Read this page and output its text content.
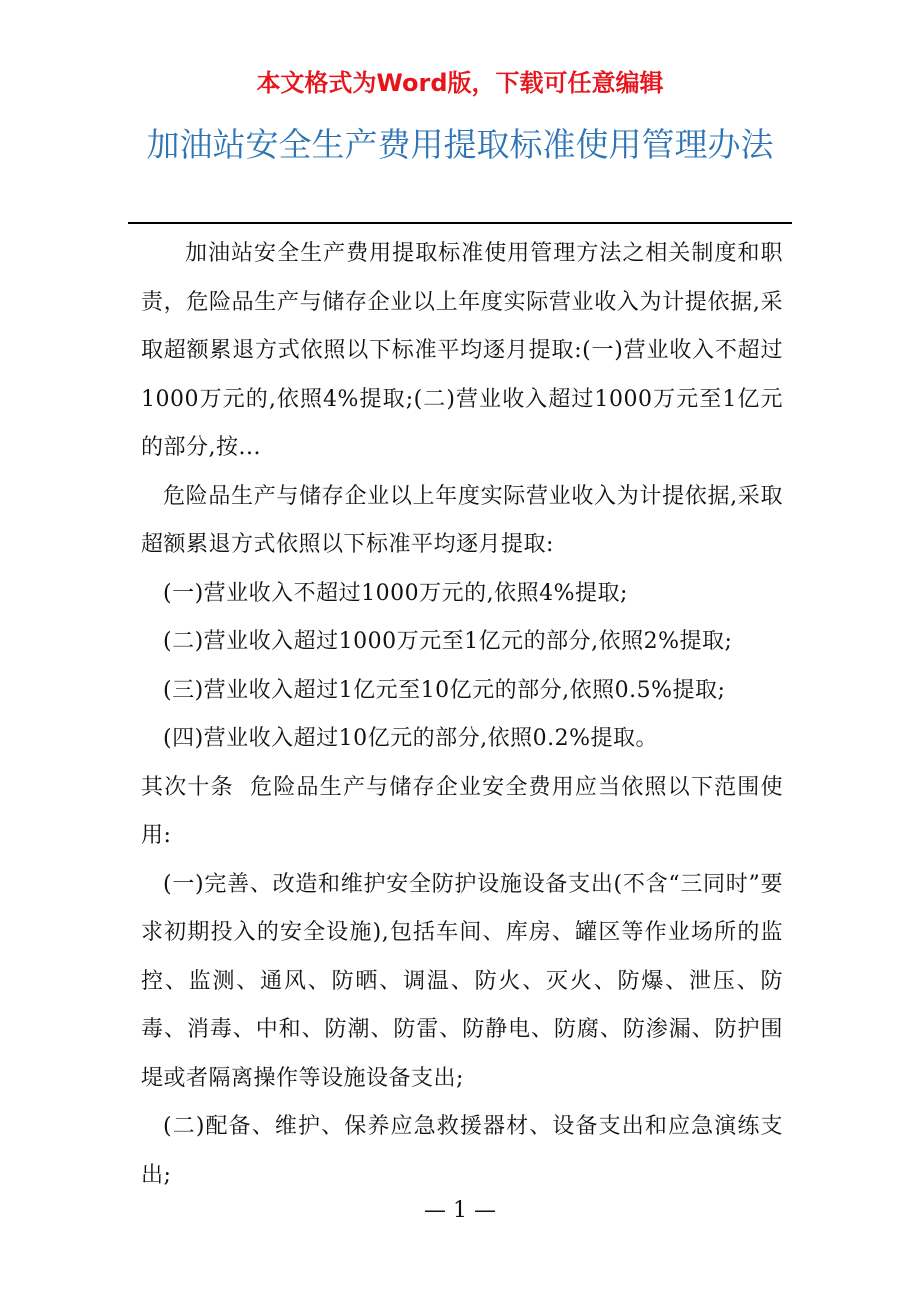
本文格式为Word版，下载可任意编辑
加油站安全生产费用提取标准使用管理办法

加油站安全生产费用提取标准使用管理方法之相关制度和职责，危险品生产与储存企业以上年度实际营业收入为计提依据,采取超额累退方式依照以下标准平均逐月提取:(一)营业收入不超过1000万元的,依照4%提取;(二)营业收入超过1000万元至1亿元的部分,按...

危险品生产与储存企业以上年度实际营业收入为计提依据,采取超额累退方式依照以下标准平均逐月提取:

(一)营业收入不超过1000万元的,依照4%提取;

(二)营业收入超过1000万元至1亿元的部分,依照2%提取;

(三)营业收入超过1亿元至10亿元的部分,依照0.5%提取;

(四)营业收入超过10亿元的部分,依照0.2%提取。

其次十条  危险品生产与储存企业安全费用应当依照以下范围使用:

(一)完善、改造和维护安全防护设施设备支出(不含“三同时”要求初期投入的安全设施),包括车间、库房、罐区等作业场所的监控、监测、通风、防晒、调温、防火、灭火、防爆、泄压、防毒、消毒、中和、防潮、防雷、防静电、防腐、防渗漏、防护围堤或者隔离操作等设施设备支出;

(二)配备、维护、保养应急救援器材、设备支出和应急演练支出;

— 1 —
